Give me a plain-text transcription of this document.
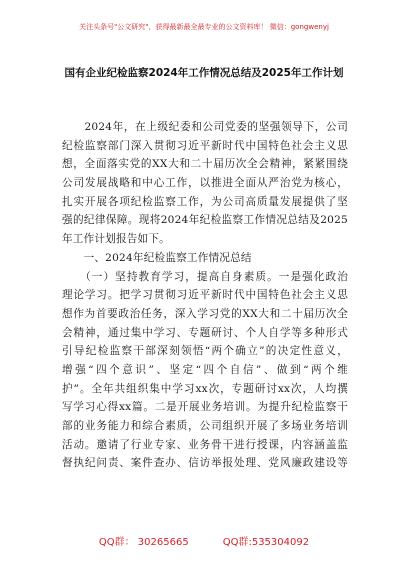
关注头条号"公文研究"，获得最新最全最专业的公文资料库！ 微信：gongwenyj
国有企业纪检监察2024年工作情况总结及2025年工作计划
　　2024年，在上级纪委和公司党委的坚强领导下，公司
纪检监察部门深入贯彻习近平新时代中国特色社会主义思
想，全面落实党的XX大和二十届历次全会精神，紧紧围绕
公司发展战略和中心工作，以推进全面从严治党为核心，
扎实开展各项纪检监察工作，为公司高质量发展提供了坚
强的纪律保障。现将2024年纪检监察工作情况总结及2025
年工作计划报告如下。
　　一、2024年纪检监察工作情况总结
　　（一）坚持教育学习，提高自身素质。一是强化政治
理论学习。把学习贯彻习近平新时代中国特色社会主义思
想作为首要政治任务，深入学习党的XX大和二十届历次全
会精神，通过集中学习、专题研讨、个人自学等多种形式
引导纪检监察干部深刻领悟“两个确立”的决定性意义，
增强“四个意识”、坚定“四个自信”、做到“两个维
护”。全年共组织集中学习xx次，专题研讨xx次，人均撰
写学习心得xx篇。二是开展业务培训。为提升纪检监察干
部的业务能力和综合素质，公司组织开展了多场业务培训
活动。邀请了行业专家、业务骨干进行授课，内容涵盖监
督执纪问责、案件查办、信访举报处理、党风廉政建设等
QQ群： 30265665	QQ群:535304092
